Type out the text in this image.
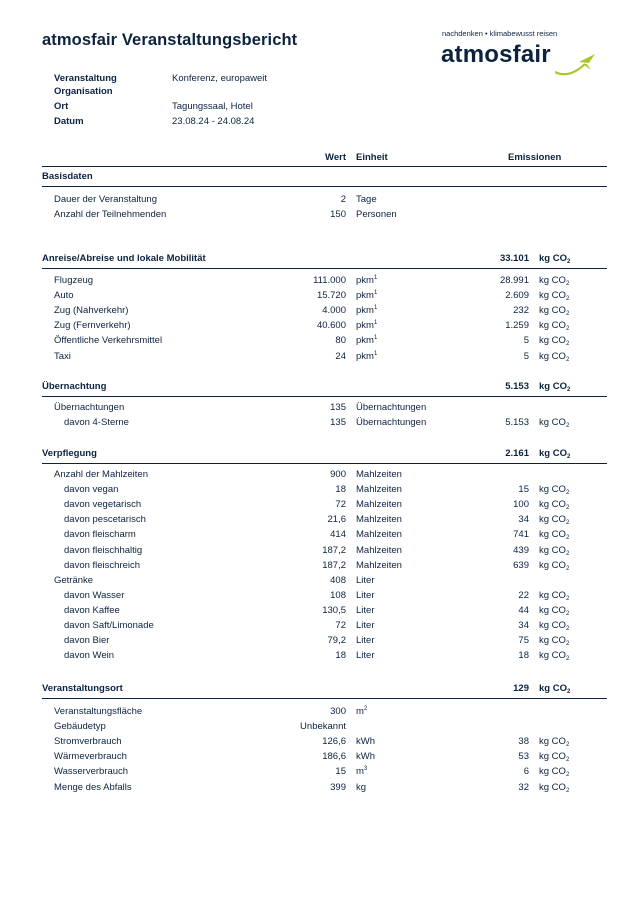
atmosfair Veranstaltungsbericht	nachdenken • klimabewusst reisen
atmosfair
Veranstaltung	Konferenz, europaweit
Organisation
Ort	Tagungssaal, Hotel
Datum	23.08.24 - 24.08.24
Wert Einheit	Emissionen
Basisdaten
Dauer der Veranstaltung	2 Tage
Anzahl der Teilnehmenden	150 Personen
Anreise/Abreise und lokale Mobilität	33.101 kg $CO_2$
Flugzeug	111.000 pkm$^1$	28.991 kg $CO_2$
Auto	15.720 pkm$^1$	2.609 kg $CO_2$
Zug (Nahverkehr)	4.000 pkm$^1$	232 kg $CO_2$
Zug (Fernverkehr)	40.600 pkm$^1$	1.259 kg $CO_2$
Öffentliche Verkehrsmittel	80 pkm$^1$	5 kg $CO_2$
Taxi	24 pkm$^1$	5 kg $CO_2$
Übernachtung	5.153 kg $CO_2$
Übernachtungen	135 Übernachtungen
davon 4-Sterne	135 Übernachtungen	5.153 kg $CO_2$
Verpflegung	2.161 kg $CO_2$
Anzahl der Mahlzeiten	900 Mahlzeiten
davon vegan	18 Mahlzeiten	15 kg $CO_2$
davon vegetarisch	72 Mahlzeiten	100 kg $CO_2$
davon pescetarisch	21,6 Mahlzeiten	34 kg $CO_2$
davon fleischarm	414 Mahlzeiten	741 kg $CO_2$
davon fleischhaltig	187,2 Mahlzeiten	439 kg $CO_2$
davon fleischreich	187,2 Mahlzeiten	639 kg $CO_2$
Getränke	408 Liter
davon Wasser	108 Liter	22 kg $CO_2$
davon Kaffee	130,5 Liter	44 kg $CO_2$
davon Saft/Limonade	72 Liter	34 kg $CO_2$
davon Bier	79,2 Liter	75 kg $CO_2$
davon Wein	18 Liter	18 kg $CO_2$
Veranstaltungsort	129 kg $CO_2$
Veranstaltungsfläche	300 $m^2$
Gebäudetyp	Unbekannt
Stromverbrauch	126,6 kWh	38 kg $CO_2$
Wärmeverbrauch	186,6 kWh	53 kg $CO_2$
Wasserverbrauch	15 $m^3$	6 kg $CO_2$
Menge des Abfalls	399 kg	32 kg $CO_2$
